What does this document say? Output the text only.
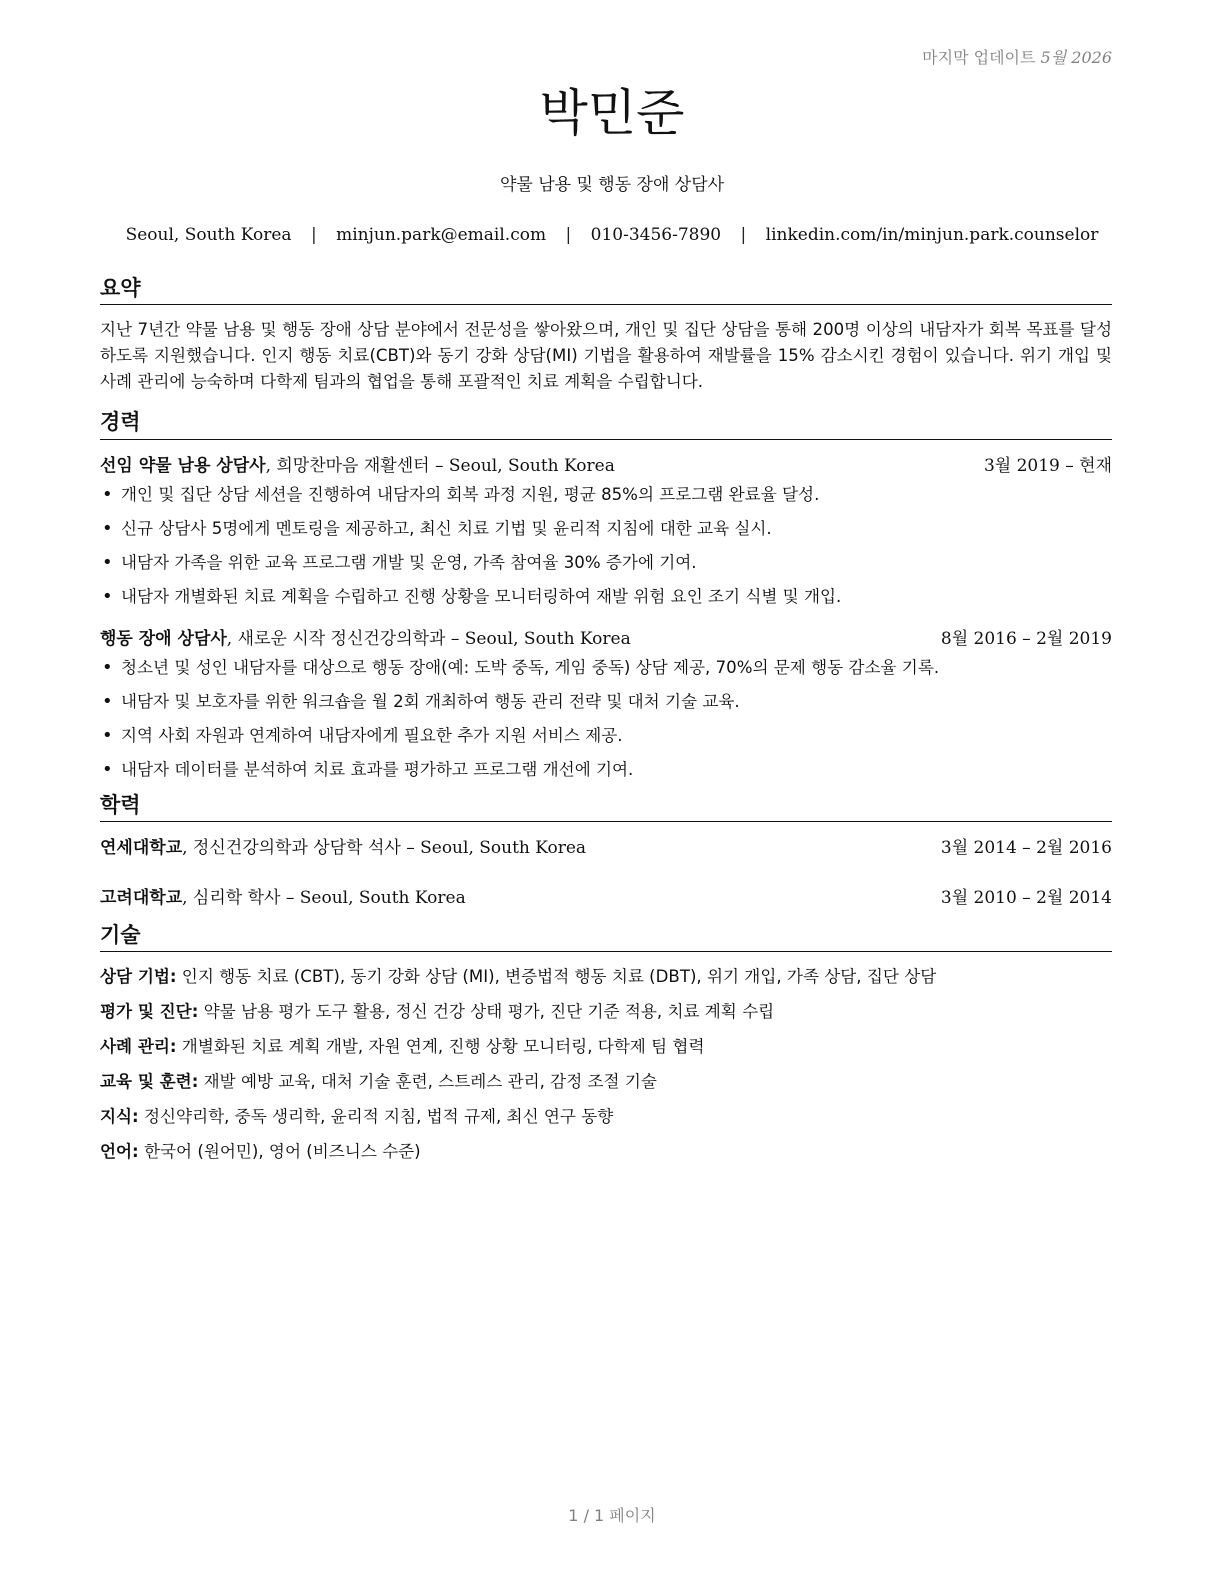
마지막 업데이트 5월 2026
박민준
약물 남용 및 행동 장애 상담사
Seoul, South Korea | minjun.park@email.com | 010-3456-7890 | linkedin.com/in/minjun.park.counselor
요약

지난 7년간 약물 남용 및 행동 장애 상담 분야에서 전문성을 쌓아왔으며, 개인 및 집단 상담을 통해 200명 이상의 내담자가 회복 목표를 달성하도록 지원했습니다. 인지 행동 치료(CBT)와 동기 강화 상담(MI) 기법을 활용하여 재발률을 15% 감소시킨 경험이 있습니다. 위기 개입 및 사례 관리에 능숙하며 다학제 팀과의 협업을 통해 포괄적인 치료 계획을 수립합니다.

경력
선임 약물 남용 상담사, 희망찬마음 재활센터 – Seoul, South Korea	3월 2019 – 현재
• 개인 및 집단 상담 세션을 진행하여 내담자의 회복 과정 지원, 평균 85%의 프로그램 완료율 달성.
• 신규 상담사 5명에게 멘토링을 제공하고, 최신 치료 기법 및 윤리적 지침에 대한 교육 실시.
• 내담자 가족을 위한 교육 프로그램 개발 및 운영, 가족 참여율 30% 증가에 기여.
• 내담자 개별화된 치료 계획을 수립하고 진행 상황을 모니터링하여 재발 위험 요인 조기 식별 및 개입.
행동 장애 상담사, 새로운 시작 정신건강의학과 – Seoul, South Korea	8월 2016 – 2월 2019
• 청소년 및 성인 내담자를 대상으로 행동 장애(예: 도박 중독, 게임 중독) 상담 제공, 70%의 문제 행동 감소율 기록.
• 내담자 및 보호자를 위한 워크숍을 월 2회 개최하여 행동 관리 전략 및 대처 기술 교육.
• 지역 사회 자원과 연계하여 내담자에게 필요한 추가 지원 서비스 제공.
• 내담자 데이터를 분석하여 치료 효과를 평가하고 프로그램 개선에 기여.
학력
연세대학교, 정신건강의학과 상담학 석사 – Seoul, South Korea	3월 2014 – 2월 2016
고려대학교, 심리학 학사 – Seoul, South Korea	3월 2010 – 2월 2014
기술
상담 기법: 인지 행동 치료 (CBT), 동기 강화 상담 (MI), 변증법적 행동 치료 (DBT), 위기 개입, 가족 상담, 집단 상담
평가 및 진단: 약물 남용 평가 도구 활용, 정신 건강 상태 평가, 진단 기준 적용, 치료 계획 수립
사례 관리: 개별화된 치료 계획 개발, 자원 연계, 진행 상황 모니터링, 다학제 팀 협력
교육 및 훈련: 재발 예방 교육, 대처 기술 훈련, 스트레스 관리, 감정 조절 기술
지식: 정신약리학, 중독 생리학, 윤리적 지침, 법적 규제, 최신 연구 동향
언어: 한국어 (원어민), 영어 (비즈니스 수준)
1 / 1 페이지
